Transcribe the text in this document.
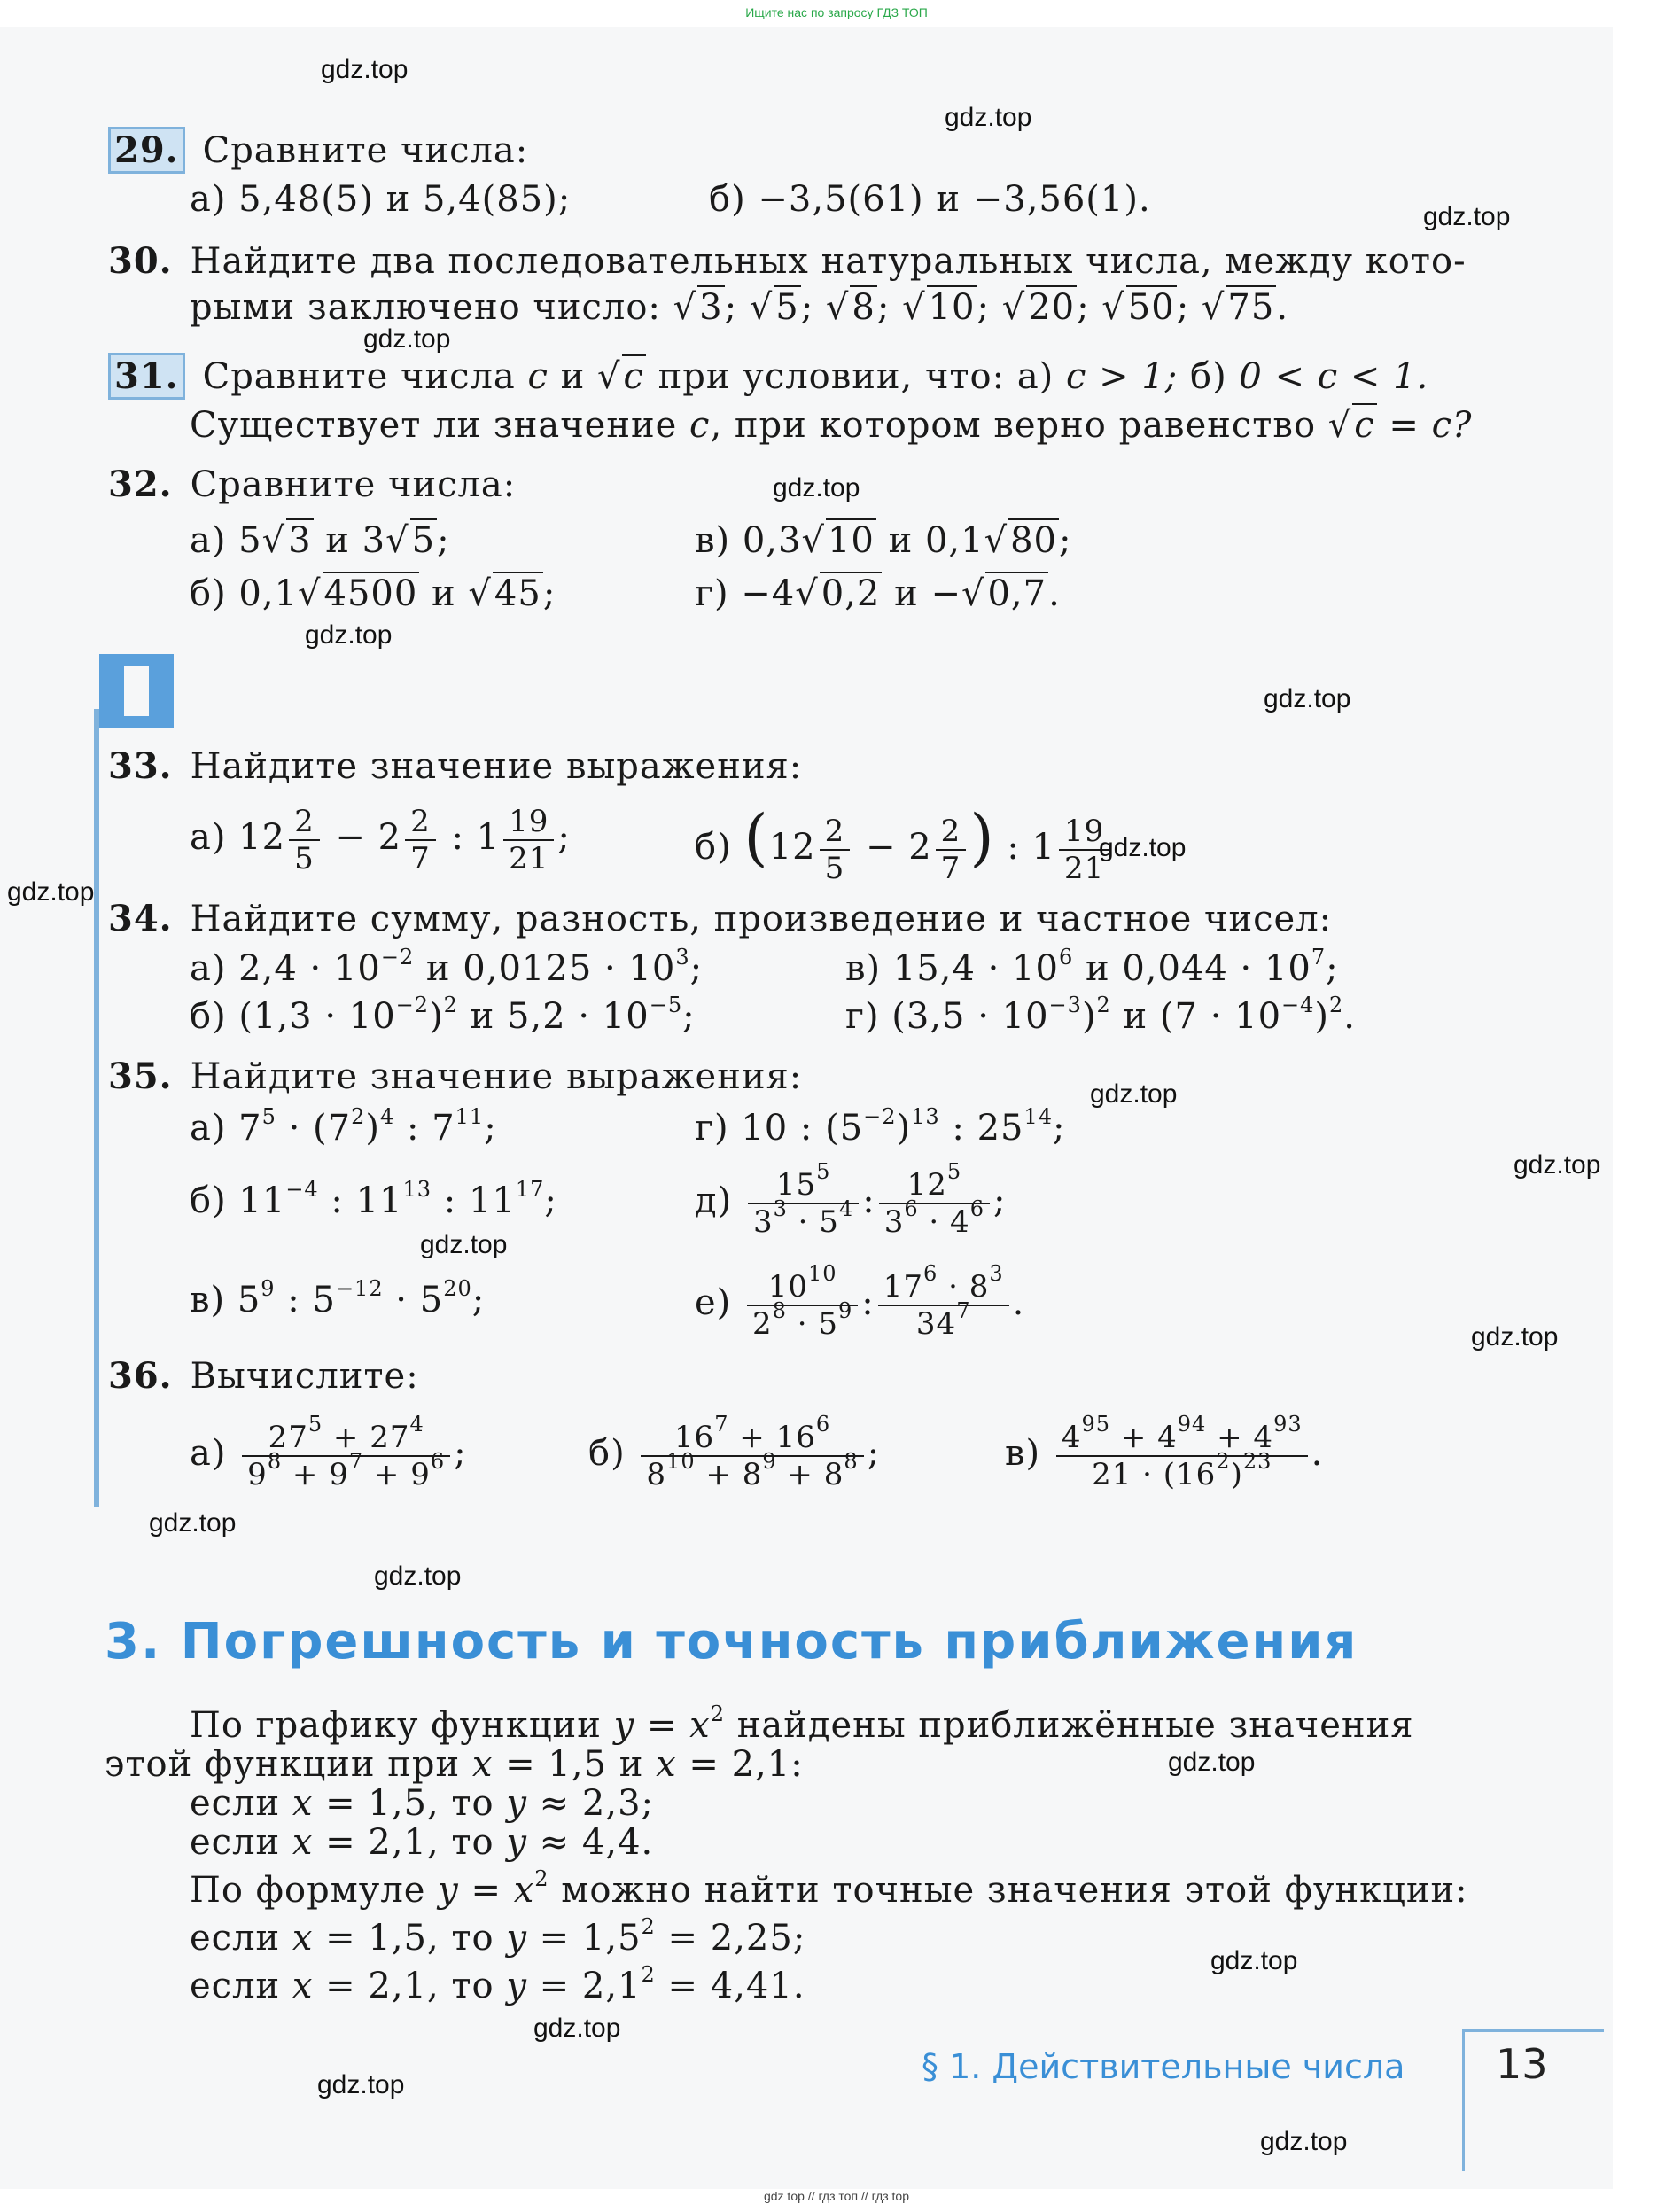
Ищите нас по запросу ГДЗ ТОП
29. Сравните числа:
а) 5,48(5) и 5,4(85);	б) −3,5(61) и −3,56(1).
30. Найдите два последовательных натуральных числа, между кото-
рыми заключено число: √3; √5; √8; √10; √20; √50; √75.
31. Сравните числа c и √c при условии, что: а) c > 1; б) 0 < c < 1.
Существует ли значение c, при котором верно равенство √c = c?
32. Сравните числа:
а) 5√3 и 3√5;	в) 0,3√10 и 0,1√80;
б) 0,1√4500 и √45;	г) −4√0,2 и −√0,7.
33. Найдите значение выражения:
а) $12 \frac{2}{5} - 2 \frac{2}{7}$ : $1 \frac{19}{21}$ ;	б) ($12 \frac{2}{5} - 2 \frac{2}{7}$ ) : $1 \frac{19}{21}$
34. Найдите сумму, разность, произведение и частное чисел:
а) $2,4 \cdot 10^{-2}$ и $0,0125 \cdot 10^3$;	в) $15,4 \cdot 10^6$ и $0,044 \cdot 10^7$;
б) $(1,3 \cdot 10^{-2})^2$ и $5,2 \cdot 10^{-5}$;	г) $(3,5 \cdot 10^{-3})^2$ и $(7 \cdot 10^{-4})^2$.
35. Найдите значение выражения:
а) $7^5 \cdot (7^2)^4$ : $7^{11}$;	г) 10 : $(5^{-2})^{13}$ : $25^{14}$;
б) $11^{-4}$ : $11^{13}$ : $11^{17}$;	$д) \frac{15^5}{3^3 \cdot 5^4}$ : $\frac{12^5}{3^6 \cdot 4^6}$ ;
в) $5^9$ : $5^{-12} \cdot 5^{20}$;	$е) \frac{10^{10}}{2^8 \cdot 5^9}$ : $\frac{17^6 \cdot 8^3}{34^7}$ .
36. Вычислите:
$а) \frac{27^5 + 27^4}{9^8 + 9^7 + 9^6}$ ;	$б) \frac{16^7 + 16^6}{8^{10} + 8^9 + 8^8}$ ;	$в) \frac{4^{95} + 4^{94} + 4^{93}}{21 \cdot (16^2)^{23}}$ .
3. Погрешность и точность приближения
По графику функции $y = x^2$ найдены приближённые значения
этой функции при x = 1,5 и x = 2,1:
если x = 1,5, то y ≈ 2,3;
если x = 2,1, то y ≈ 4,4.
По формуле $y = x^2$ можно найти точные значения этой функции:
если x = 1,5, то $y = 1,5^2 = 2,25$;
если x = 2,1, то $y = 2,1^2 = 4,41$.
§ 1. Действительные числа 13
gdz.top
gdz.top
gdz.top
gdz.top
gdz.top
gdz.top
gdz.top
gdz.top
gdz.top
gdz.top
gdz.top
gdz.top
gdz.top
gdz.top
gdz.top
gdz.top
gdz.top
gdz.top
gdz.top
gdz.top
gdz top // гдз топ // гдз top
